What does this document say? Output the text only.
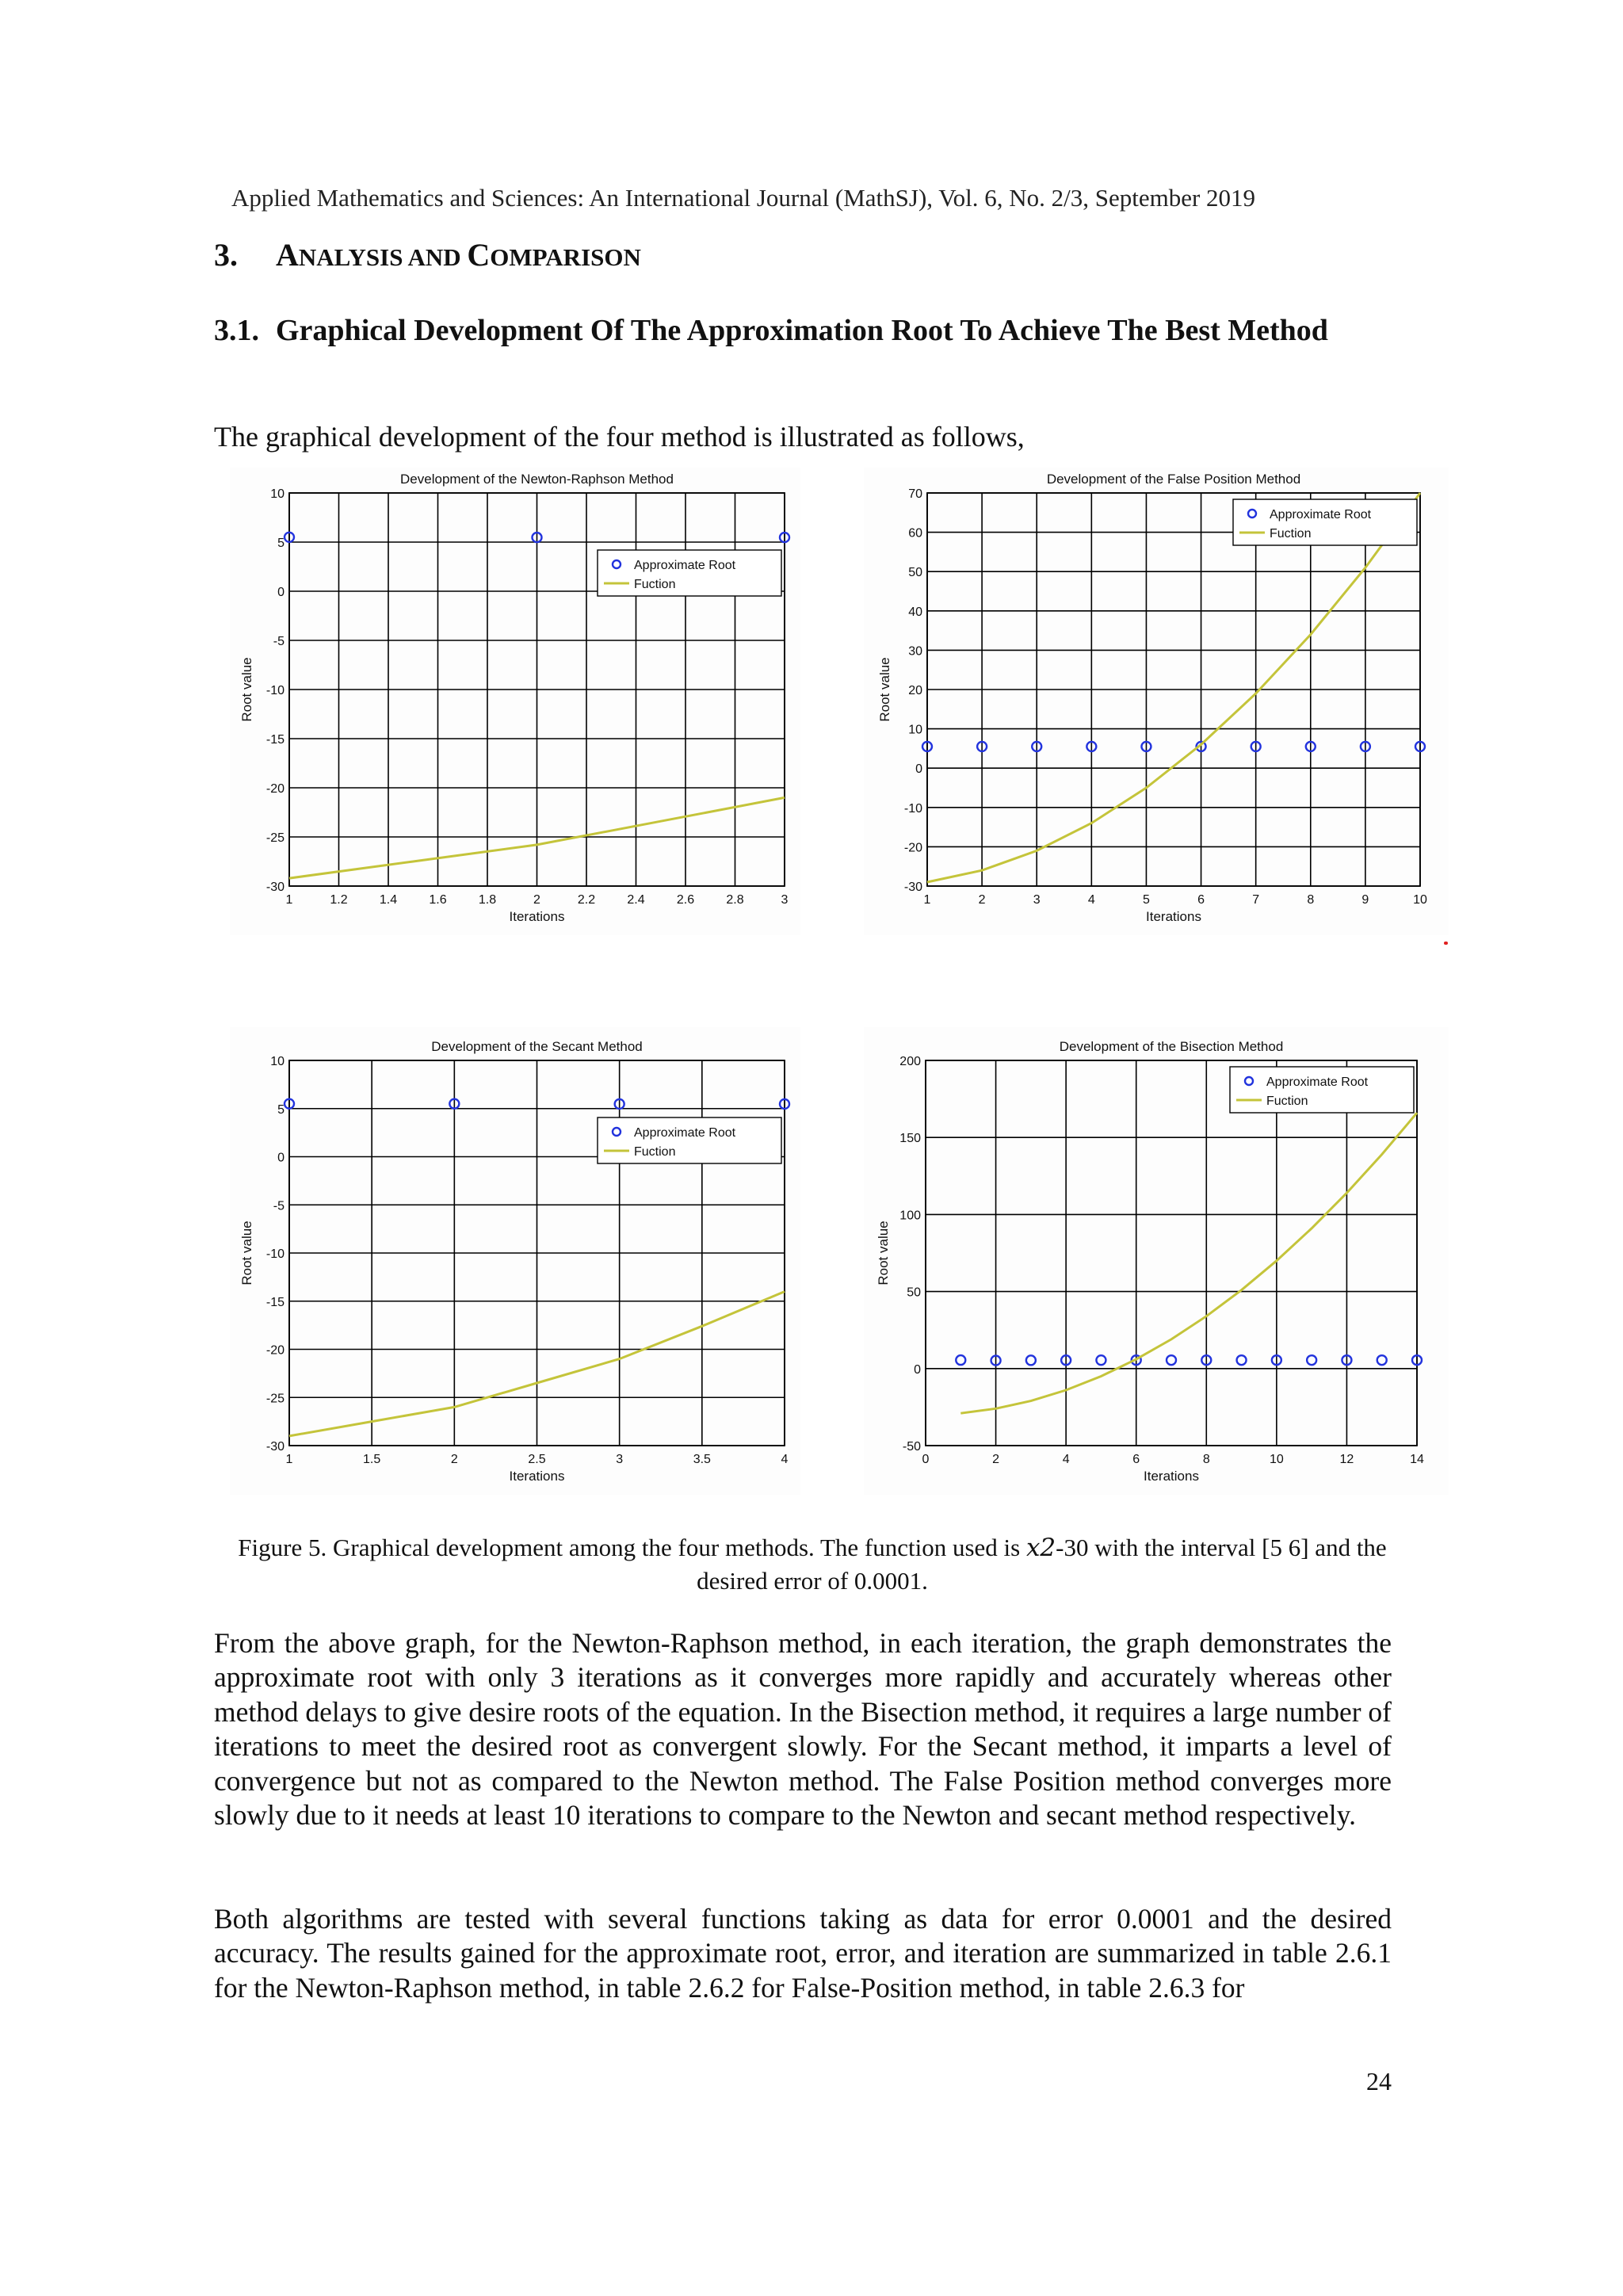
Applied Mathematics and Sciences: An International Journal (MathSJ), Vol. 6, No. 2/3, September 2019
3. ANALYSIS AND COMPARISON
3.1. Graphical Development Of The Approximation Root To Achieve The Best Method
The graphical development of the four method is illustrated as follows,
Development of the Newton-Raphson Method
1	1.2	1.4	1.6	1.8	2	2.2	2.4	2.6	2.8	3
-30
-25
-20
-15
-10
-5
0
5
10
Iterations
Root value
Approximate Root
Fuction
Development of the False Position Method
1	2	3	4	5	6	7	8	9	10
-30
-20
-10
0
10
20
30
40
50
60
70
Iterations
Root value
Approximate Root
Fuction
Development of the Secant Method
1	1.5	2	2.5	3	3.5	4
-30
-25
-20
-15
-10
-5
0
5
10
Iterations
Root value
Approximate Root
Fuction
Development of the Bisection Method
0	2	4	6	8	10	12	14
-50
0
50
100
150
200
Iterations
Root value
Approximate Root
Fuction
Figure 5. Graphical development among the four methods. The function used is x2-30 with the interval [5 6] and the desired error of 0.0001.
From the above graph, for the Newton-Raphson method, in each iteration, the graph demonstrates the approximate root with only 3 iterations as it converges more rapidly and accurately whereas other method delays to give desire roots of the equation. In the Bisection method, it requires a large number of iterations to meet the desired root as convergent slowly. For the Secant method, it imparts a level of convergence but not as compared to the Newton method. The False Position method converges more slowly due to it needs at least 10 iterations to compare to the Newton and secant method respectively.
Both algorithms are tested with several functions taking as data for error 0.0001 and the desired accuracy. The results gained for the approximate root, error, and iteration are summarized in table 2.6.1 for the Newton-Raphson method, in table 2.6.2 for False-Position method, in table 2.6.3 for
24
